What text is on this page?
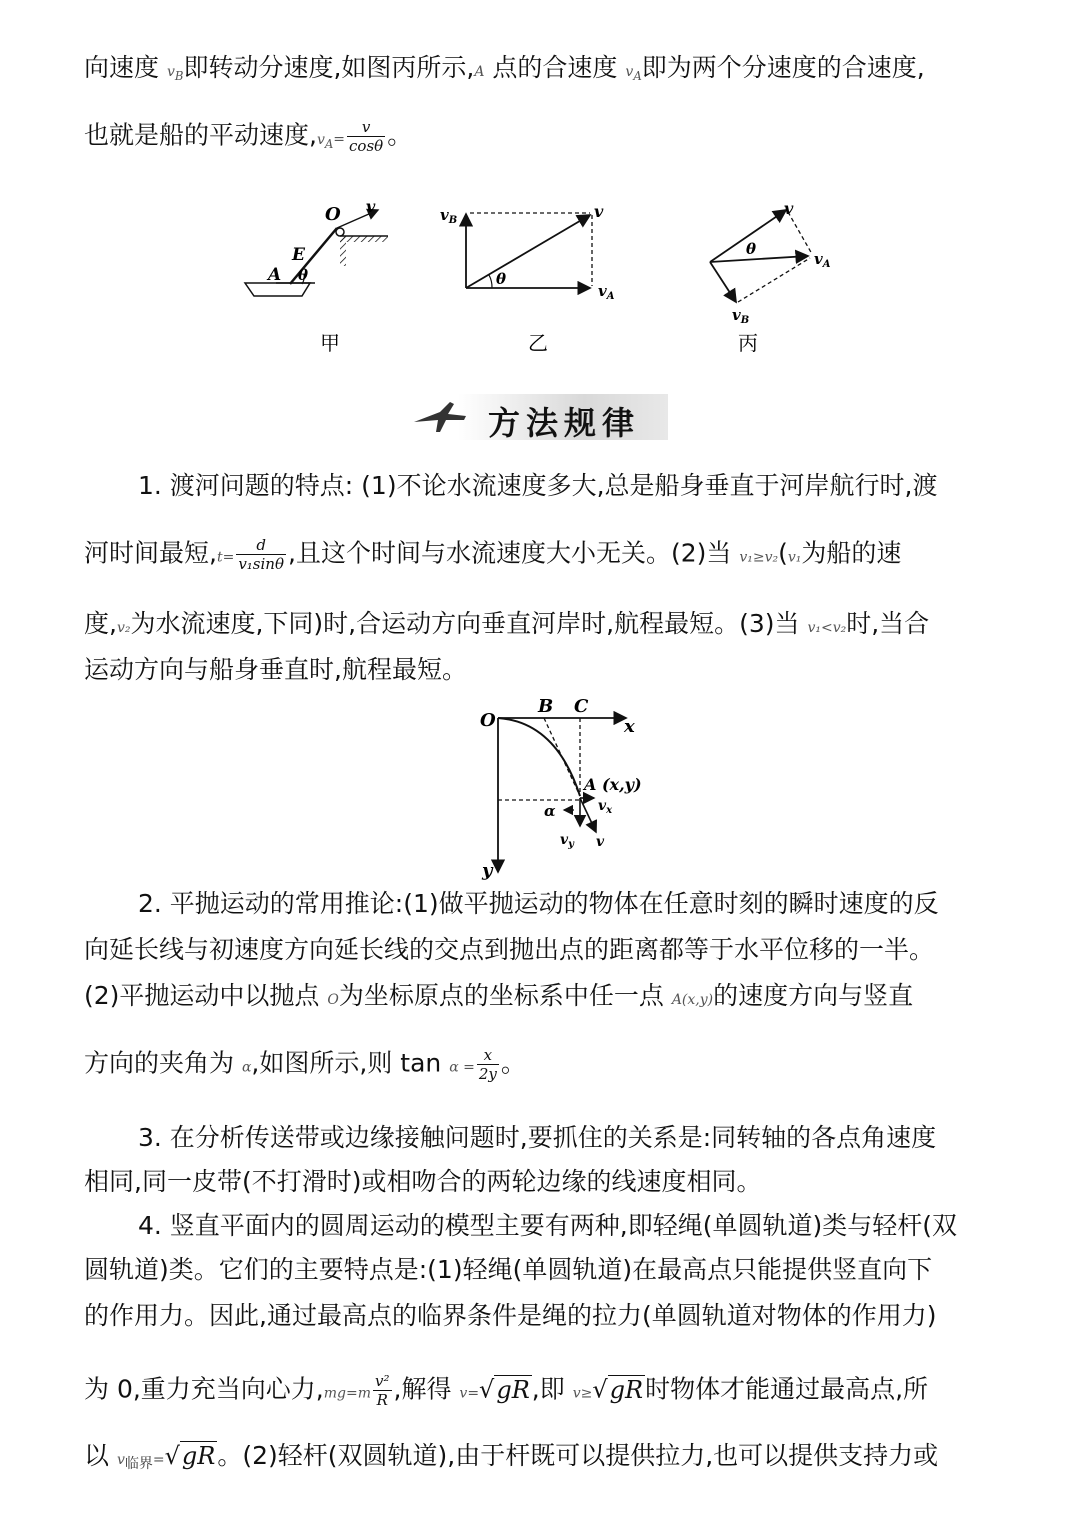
向速度 $v_B$即转动分速度,如图丙所示,A 点的合速度 $v_A$即为两个分速度的合速度,
也就是船的平动速度$,v_A= \frac{v}{\cos\theta}$ 。
O v
E
A θ
甲
$v_B$	v
$v_A$
θ
乙
v
$v_A$
$v_B$
θ
丙
方法规律
1. 渡河问题的特点: (1)不论水流速度多大,总是船身垂直于河岸航行时,渡
河时间最短$,t= \frac{d}{\text{v₁sinθ}}$ ,且这个时间与水流速度大小无关。(2)当 v₁≥v₂(v₁为船的速
度,v₂为水流速度,下同)时,合运动方向垂直河岸时,航程最短。(3)当 v₁<v₂时,当合
运动方向与船身垂直时,航程最短。
O
B C
x
y
A (x,y)
$v_x$
$v_y$ v
α
2. 平抛运动的常用推论:(1)做平抛运动的物体在任意时刻的瞬时速度的反
向延长线与初速度方向延长线的交点到抛出点的距离都等于水平位移的一半。
(2)平抛运动中以抛点 O为坐标原点的坐标系中任一点 A(x,y)的速度方向与竖直
方向的夹角为 α,如图所示,则 $\tan \alpha = \frac{x}{2y}$ 。
3. 在分析传送带或边缘接触问题时,要抓住的关系是:同转轴的各点角速度
相同,同一皮带(不打滑时)或相吻合的两轮边缘的线速度相同。
4. 竖直平面内的圆周运动的模型主要有两种,即轻绳(单圆轨道)类与轻杆(双
圆轨道)类。它们的主要特点是:(1)轻绳(单圆轨道)在最高点只能提供竖直向下
的作用力。因此,通过最高点的临界条件是绳的拉力(单圆轨道对物体的作用力)
为 0,重力充当向心力$,mg=m \frac{\text{v²}}{R}$ ,解得 v=√gR,即 v≥√gR时物体才能通过最高点,所
以 $v_{临界}=√gR$。(2)轻杆(双圆轨道),由于杆既可以提供拉力,也可以提供支持力或
